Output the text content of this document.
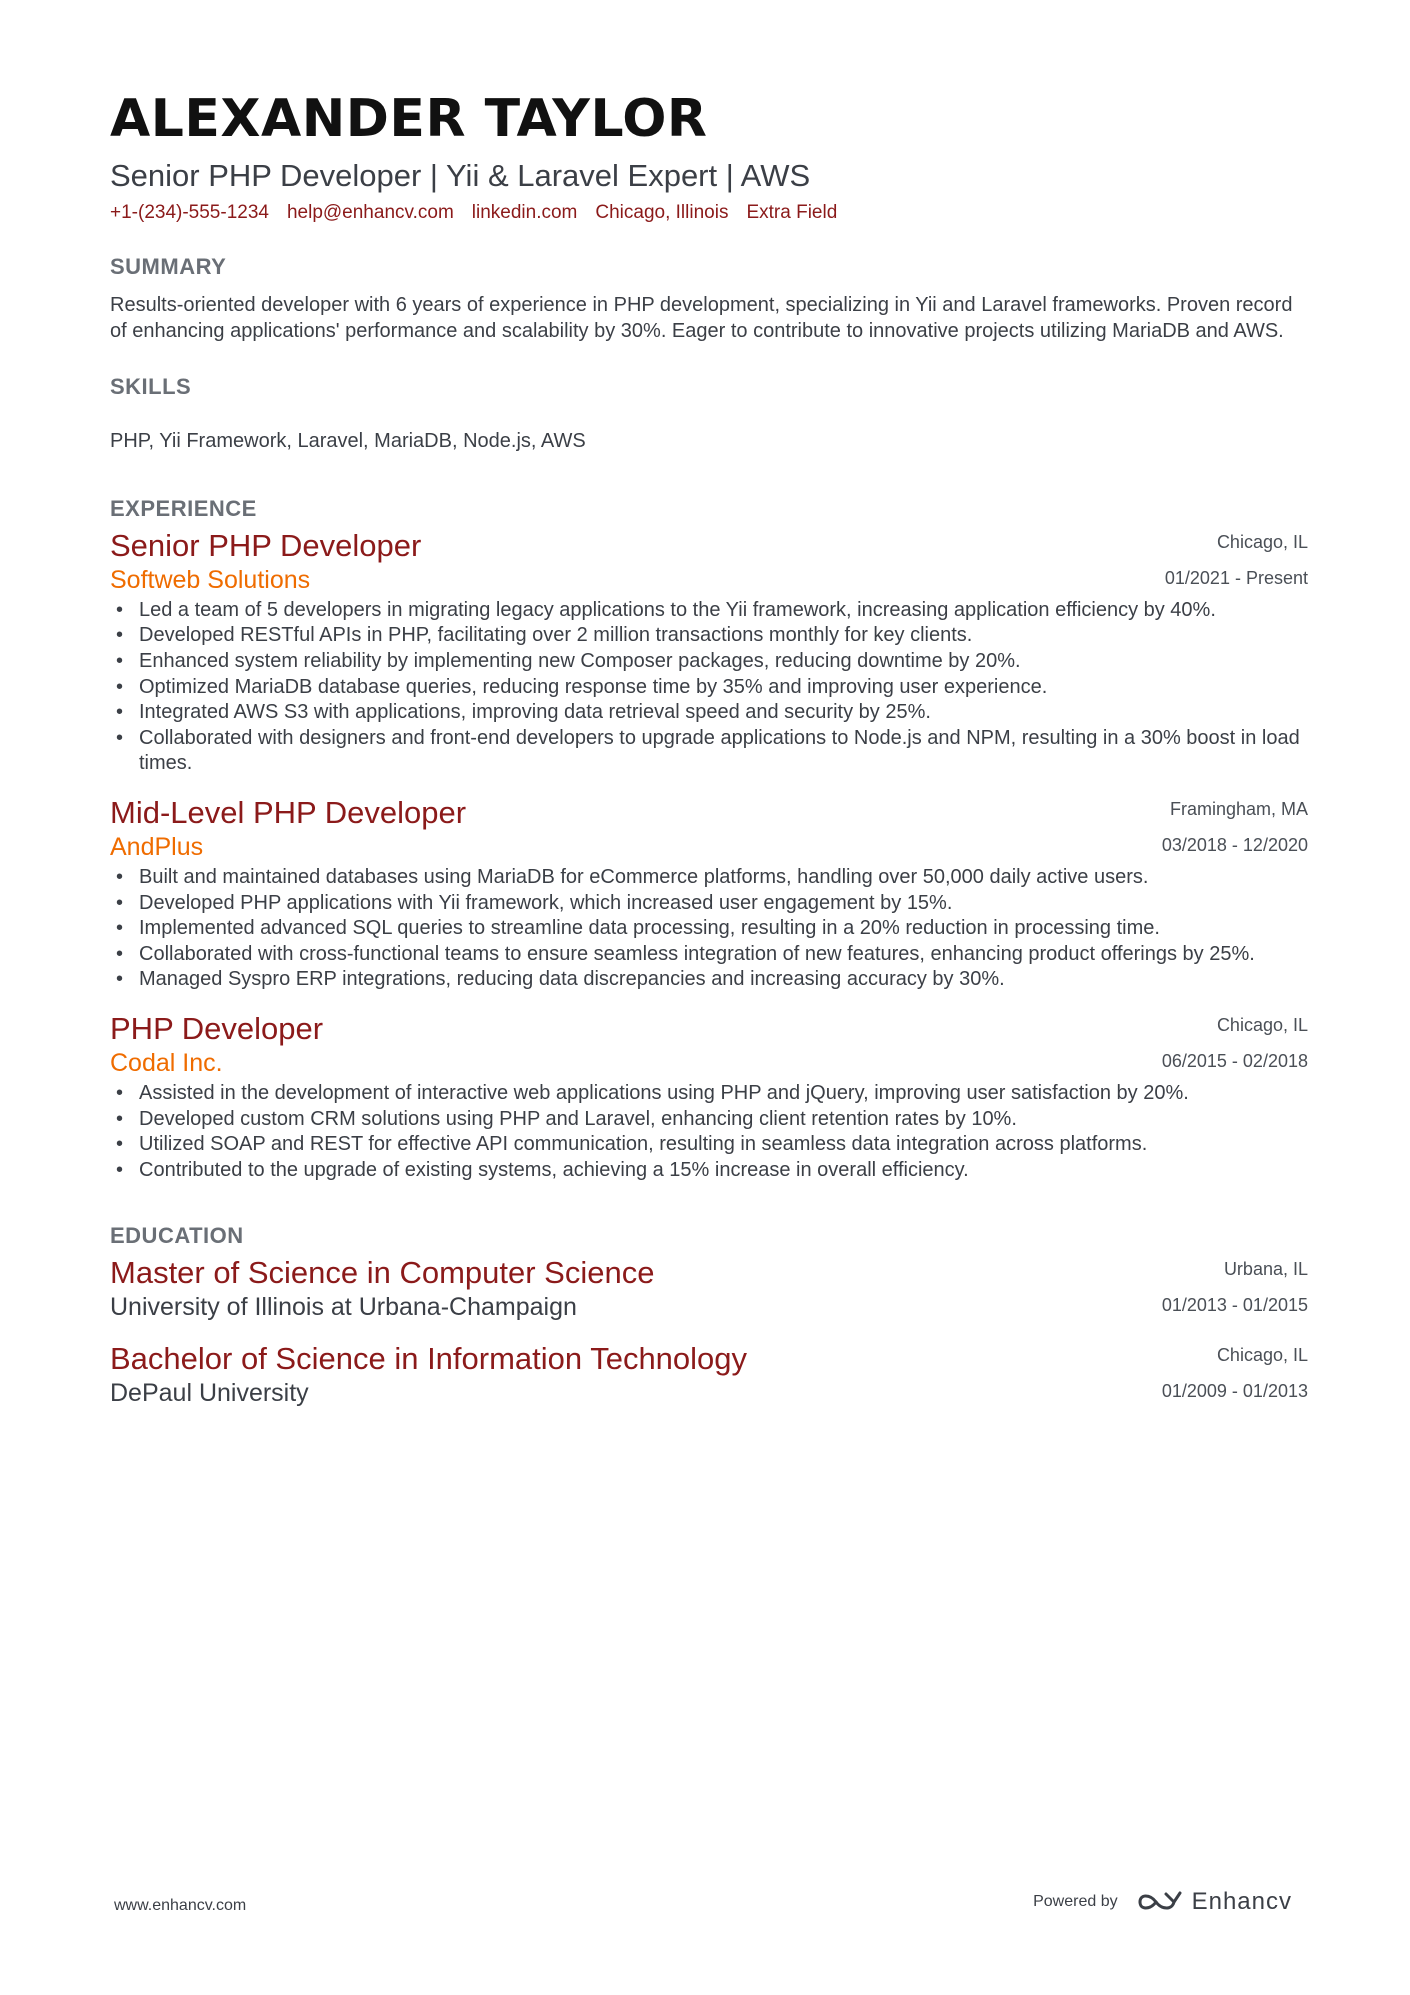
ALEXANDER TAYLOR
Senior PHP Developer | Yii & Laravel Expert | AWS
+1-(234)-555-1234 help@enhancv.com linkedin.com Chicago, Illinois Extra Field
SUMMARY
Results-oriented developer with 6 years of experience in PHP development, specializing in Yii and Laravel frameworks. Proven record of enhancing applications' performance and scalability by 30%. Eager to contribute to innovative projects utilizing MariaDB and AWS.
SKILLS
PHP, Yii Framework, Laravel, MariaDB, Node.js, AWS
EXPERIENCE
Senior PHP Developer
Softweb Solutions
Chicago, IL
01/2021 - Present
• Led a team of 5 developers in migrating legacy applications to the Yii framework, increasing application efficiency by 40%.
• Developed RESTful APIs in PHP, facilitating over 2 million transactions monthly for key clients.
• Enhanced system reliability by implementing new Composer packages, reducing downtime by 20%.
• Optimized MariaDB database queries, reducing response time by 35% and improving user experience.
• Integrated AWS S3 with applications, improving data retrieval speed and security by 25%.
• Collaborated with designers and front-end developers to upgrade applications to Node.js and NPM, resulting in a 30% boost in load times.
Mid-Level PHP Developer
AndPlus
Framingham, MA
03/2018 - 12/2020
• Built and maintained databases using MariaDB for eCommerce platforms, handling over 50,000 daily active users.
• Developed PHP applications with Yii framework, which increased user engagement by 15%.
• Implemented advanced SQL queries to streamline data processing, resulting in a 20% reduction in processing time.
• Collaborated with cross-functional teams to ensure seamless integration of new features, enhancing product offerings by 25%.
• Managed Syspro ERP integrations, reducing data discrepancies and increasing accuracy by 30%.
PHP Developer
Codal Inc.
Chicago, IL
06/2015 - 02/2018
• Assisted in the development of interactive web applications using PHP and jQuery, improving user satisfaction by 20%.
• Developed custom CRM solutions using PHP and Laravel, enhancing client retention rates by 10%.
• Utilized SOAP and REST for effective API communication, resulting in seamless data integration across platforms.
• Contributed to the upgrade of existing systems, achieving a 15% increase in overall efficiency.
EDUCATION
Master of Science in Computer Science
University of Illinois at Urbana-Champaign
Urbana, IL
01/2013 - 01/2015
Bachelor of Science in Information Technology
DePaul University
Chicago, IL
01/2009 - 01/2013
www.enhancv.com	Powered by	Enhancv
